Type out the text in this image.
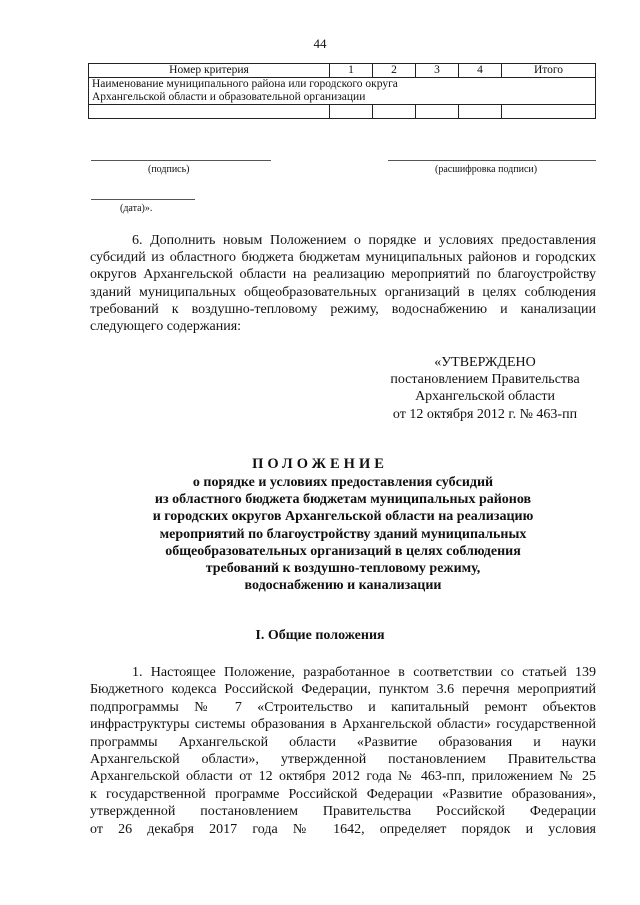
44
Номер критерия	1	2	3	4	Итого

Наименование муниципального района или городского округа
Архангельской области и образовательной организации					

(подпись)	(расшифровка подписи)
(дата)».

6. Дополнить новым Положением о порядке и условиях предоставления субсидий из областного бюджета бюджетам муниципальных районов и городских округов Архангельской области на реализацию мероприятий по благоустройству зданий муниципальных общеобразовательных организаций в целях соблюдения требований к воздушно-тепловому режиму, водоснабжению и канализации следующего содержания:

«УТВЕРЖДЕНО
постановлением Правительства
Архангельской области
от 12 октября 2012 г. № 463-пп
ПОЛОЖЕНИЕ
о порядке и условиях предоставления субсидий
из областного бюджета бюджетам муниципальных районов
и городских округов Архангельской области на реализацию
мероприятий по благоустройству зданий муниципальных
общеобразовательных организаций в целях соблюдения
требований к воздушно-тепловому режиму,
водоснабжению и канализации
I. Общие положения
1. Настоящее Положение, разработанное в соответствии со статьей 139
Бюджетного кодекса Российской Федерации, пунктом 3.6 перечня мероприятий
подпрограммы № 7 «Строительство и капитальный ремонт объектов
инфраструктуры системы образования в Архангельской области» государственной
программы Архангельской области «Развитие образования и науки
Архангельской области», утвержденной постановлением Правительства
Архангельской области от 12 октября 2012 года № 463-пп, приложением № 25
к государственной программе Российской Федерации «Развитие образования»,
утвержденной постановлением Правительства Российской Федерации
от 26 декабря 2017 года № 1642, определяет порядок и условия
